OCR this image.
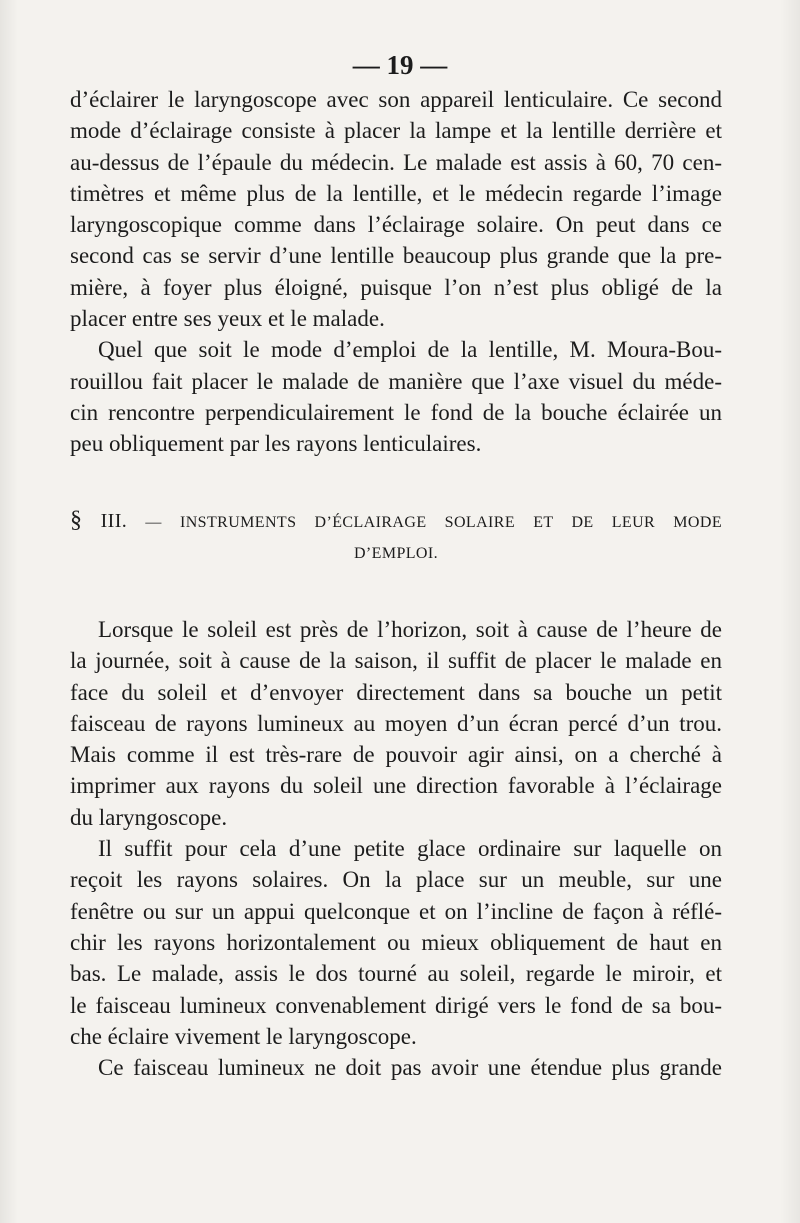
— 19 —
d’éclairer le laryngoscope avec son appareil lenticulaire. Ce second
mode d’éclairage consiste à placer la lampe et la lentille derrière et
au-dessus de l’épaule du médecin. Le malade est assis à 60, 70 cen-
timètres et même plus de la lentille, et le médecin regarde l’image
laryngoscopique comme dans l’éclairage solaire. On peut dans ce
second cas se servir d’une lentille beaucoup plus grande que la pre-
mière, à foyer plus éloigné, puisque l’on n’est plus obligé de la
placer entre ses yeux et le malade.
Quel que soit le mode d’emploi de la lentille, M. Moura-Bou-
rouillou fait placer le malade de manière que l’axe visuel du méde-
cin rencontre perpendiculairement le fond de la bouche éclairée un
peu obliquement par les rayons lenticulaires.
§ III. — INSTRUMENTS D’ÉCLAIRAGE SOLAIRE ET DE LEUR MODE
D’EMPLOI.
Lorsque le soleil est près de l’horizon, soit à cause de l’heure de
la journée, soit à cause de la saison, il suffit de placer le malade en
face du soleil et d’envoyer directement dans sa bouche un petit
faisceau de rayons lumineux au moyen d’un écran percé d’un trou.
Mais comme il est très-rare de pouvoir agir ainsi, on a cherché à
imprimer aux rayons du soleil une direction favorable à l’éclairage
du laryngoscope.
Il suffit pour cela d’une petite glace ordinaire sur laquelle on
reçoit les rayons solaires. On la place sur un meuble, sur une
fenêtre ou sur un appui quelconque et on l’incline de façon à réflé-
chir les rayons horizontalement ou mieux obliquement de haut en
bas. Le malade, assis le dos tourné au soleil, regarde le miroir, et
le faisceau lumineux convenablement dirigé vers le fond de sa bou-
che éclaire vivement le laryngoscope.
Ce faisceau lumineux ne doit pas avoir une étendue plus grande
